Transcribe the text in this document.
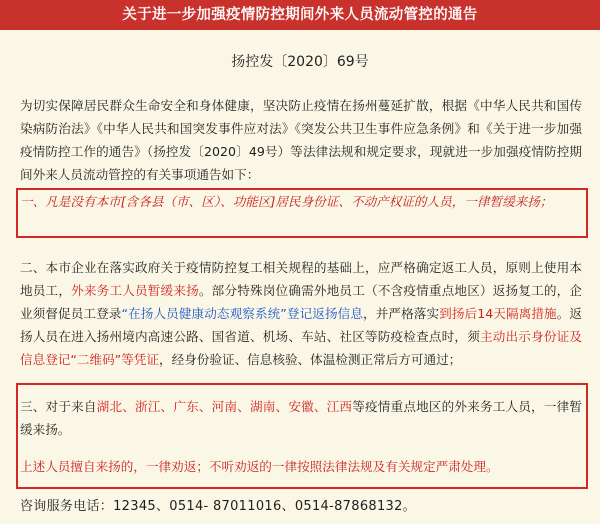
关于进一步加强疫情防控期间外来人员流动管控的通告
扬控发〔2020〕69号

为切实保障居民群众生命安全和身体健康，坚决防止疫情在扬州蔓延扩散，根据《中华人民共和国传染病防治法》《中华人民共和国突发事件应对法》《突发公共卫生事件应急条例》和《关于进一步加强疫情防控工作的通告》（扬控发〔2020〕49号）等法律法规和规定要求，现就进一步加强疫情防控期间外来人员流动管控的有关事项通告如下：

一、凡是没有本市[含各县（市、区）、功能区]居民身份证、不动产权证的人员，一律暂缓来扬；

二、本市企业在落实政府关于疫情防控复工相关规程的基础上，应严格确定返工人员，原则上使用本地员工，外来务工人员暂缓来扬。部分特殊岗位确需外地员工（不含疫情重点地区）返扬复工的，企业须督促员工登录“在扬人员健康动态观察系统”登记返扬信息，并严格落实到扬后14天隔离措施。返扬人员在进入扬州境内高速公路、国省道、机场、车站、社区等防疫检查点时，须主动出示身份证及信息登记“二维码”等凭证，经身份验证、信息核验、体温检测正常后方可通过；

三、对于来自湖北、浙江、广东、河南、湖南、安徽、江西等疫情重点地区的外来务工人员，一律暂缓来扬。

上述人员擅自来扬的，一律劝返；不听劝返的一律按照法律法规及有关规定严肃处理。

咨询服务电话：12345、0514- 87011016、0514-87868132。
